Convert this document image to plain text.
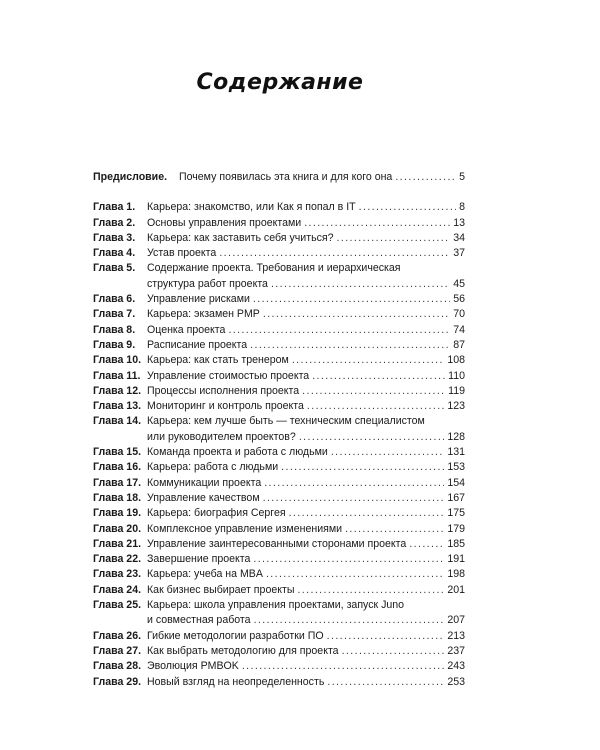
Содержание
Предисловие.	Почему появилась эта книга и для кого она .....	5
Глава 1.	Карьера: знакомство, или Как я попал в IT .....	8
Глава 2.	Основы управления проектами .....	13
Глава 3.	Карьера: как заставить себя учиться? .....	34
Глава 4.	Устав проекта .....	37
Глава 5.	Содержание проекта. Требования и иерархическая
структура работ проекта .....	45
Глава 6.	Управление рисками .....	56
Глава 7.	Карьера: экзамен PMP .....	70
Глава 8.	Оценка проекта .....	74
Глава 9.	Расписание проекта .....	87
Глава 10. Карьера: как стать тренером .....	108
Глава 11. Управление стоимостью проекта .....	110
Глава 12. Процессы исполнения проекта .....	119
Глава 13. Мониторинг и контроль проекта .....	123
Глава 14. Карьера: кем лучше быть — техническим специалистом
или руководителем проектов? .....	128
Глава 15. Команда проекта и работа с людьми .....	131
Глава 16. Карьера: работа с людьми .....	153
Глава 17. Коммуникации проекта .....	154
Глава 18. Управление качеством .....	167
Глава 19. Карьера: биография Сергея .....	175
Глава 20. Комплексное управление изменениями .....	179
Глава 21. Управление заинтересованными сторонами проекта .....	185
Глава 22. Завершение проекта .....	191
Глава 23. Карьера: учеба на MBA .....	198
Глава 24. Как бизнес выбирает проекты .....	201
Глава 25. Карьера: школа управления проектами, запуск Juno
и совместная работа .....	207
Глава 26. Гибкие методологии разработки ПО .....	213
Глава 27. Как выбрать методологию для проекта .....	237
Глава 28. Эволюция PMBOK .....	243
Глава 29. Новый взгляд на неопределенность .....	253
